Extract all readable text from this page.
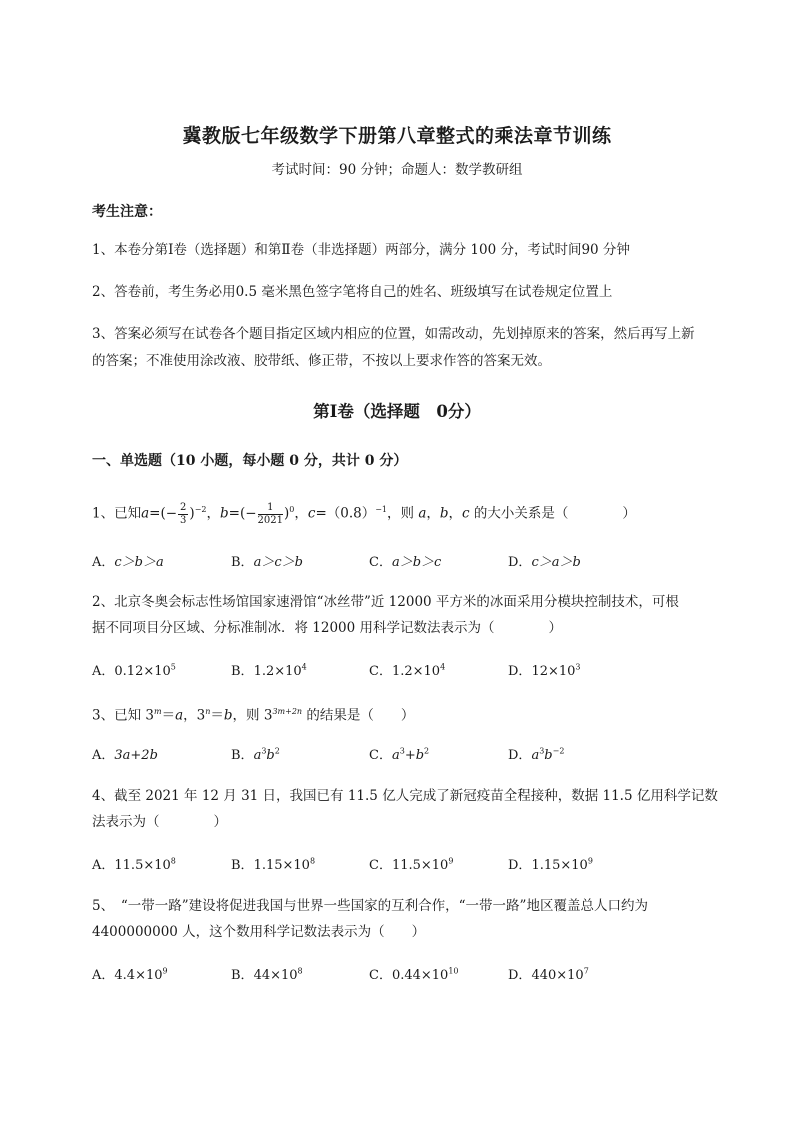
冀教版七年级数学下册第八章整式的乘法章节训练
考试时间：90 分钟；命题人：数学教研组
考生注意：
1、本卷分第Ⅰ卷（选择题）和第Ⅱ卷（非选择题）两部分，满分 100 分，考试时间90 分钟
2、答卷前，考生务必用0.5 毫米黑色签字笔将自己的姓名、班级填写在试卷规定位置上
3、答案必须写在试卷各个题目指定区域内相应的位置，如需改动，先划掉原来的答案，然后再写上新
的答案；不准使用涂改液、胶带纸、修正带，不按以上要求作答的答案无效。
第Ⅰ卷（选择题　0分）
一、单选题（10 小题，每小题 0 分，共计 0 分）
1、已知$a=(- \frac{2}{3} )^{-2}$，$b=(- \frac{1}{2021} )^0$，$c=(0.8)^{-1}$，则 a，b，c 的大小关系是（　　　　）
A．c＞b＞a	B．a＞c＞b	C．a＞b＞c	D．c＞a＞b
2、北京冬奥会标志性场馆国家速滑馆“冰丝带”近 12000 平方米的冰面采用分模块控制技术，可根
据不同项目分区域、分标准制冰．将 12000 用科学记数法表示为（　　　　）
A．$0.12\times 10^5$	B．$1.2\times 10^4$	C．$1.2\times 10^4$	D．$12\times 10^3$
3、已知 $3^m=a$，$3^n=b$，则 $3^{3m+2n}$ 的结果是（　　）
A．3a+2b	B．$a^3b^2$	C．$a^3+b^2$	D．$a^3b^{-2}$
4、截至 2021 年 12 月 31 日，我国已有 11.5 亿人完成了新冠疫苗全程接种，数据 11.5 亿用科学记数
法表示为（　　　　）
A．$11.5\times 10^8$	B．$1.15\times 10^8$	C．$11.5\times 10^9$	D．$1.15\times 10^9$
5、　“一带一路”建设将促进我国与世界一些国家的互利合作，“一带一路”地区覆盖总人口约为
4400000000 人，这个数用科学记数法表示为（　　）
A．$4.4\times 10^9$	B．$44\times 10^8$	C．$0.44\times 10^{10}$	D．$440\times 10^7$
